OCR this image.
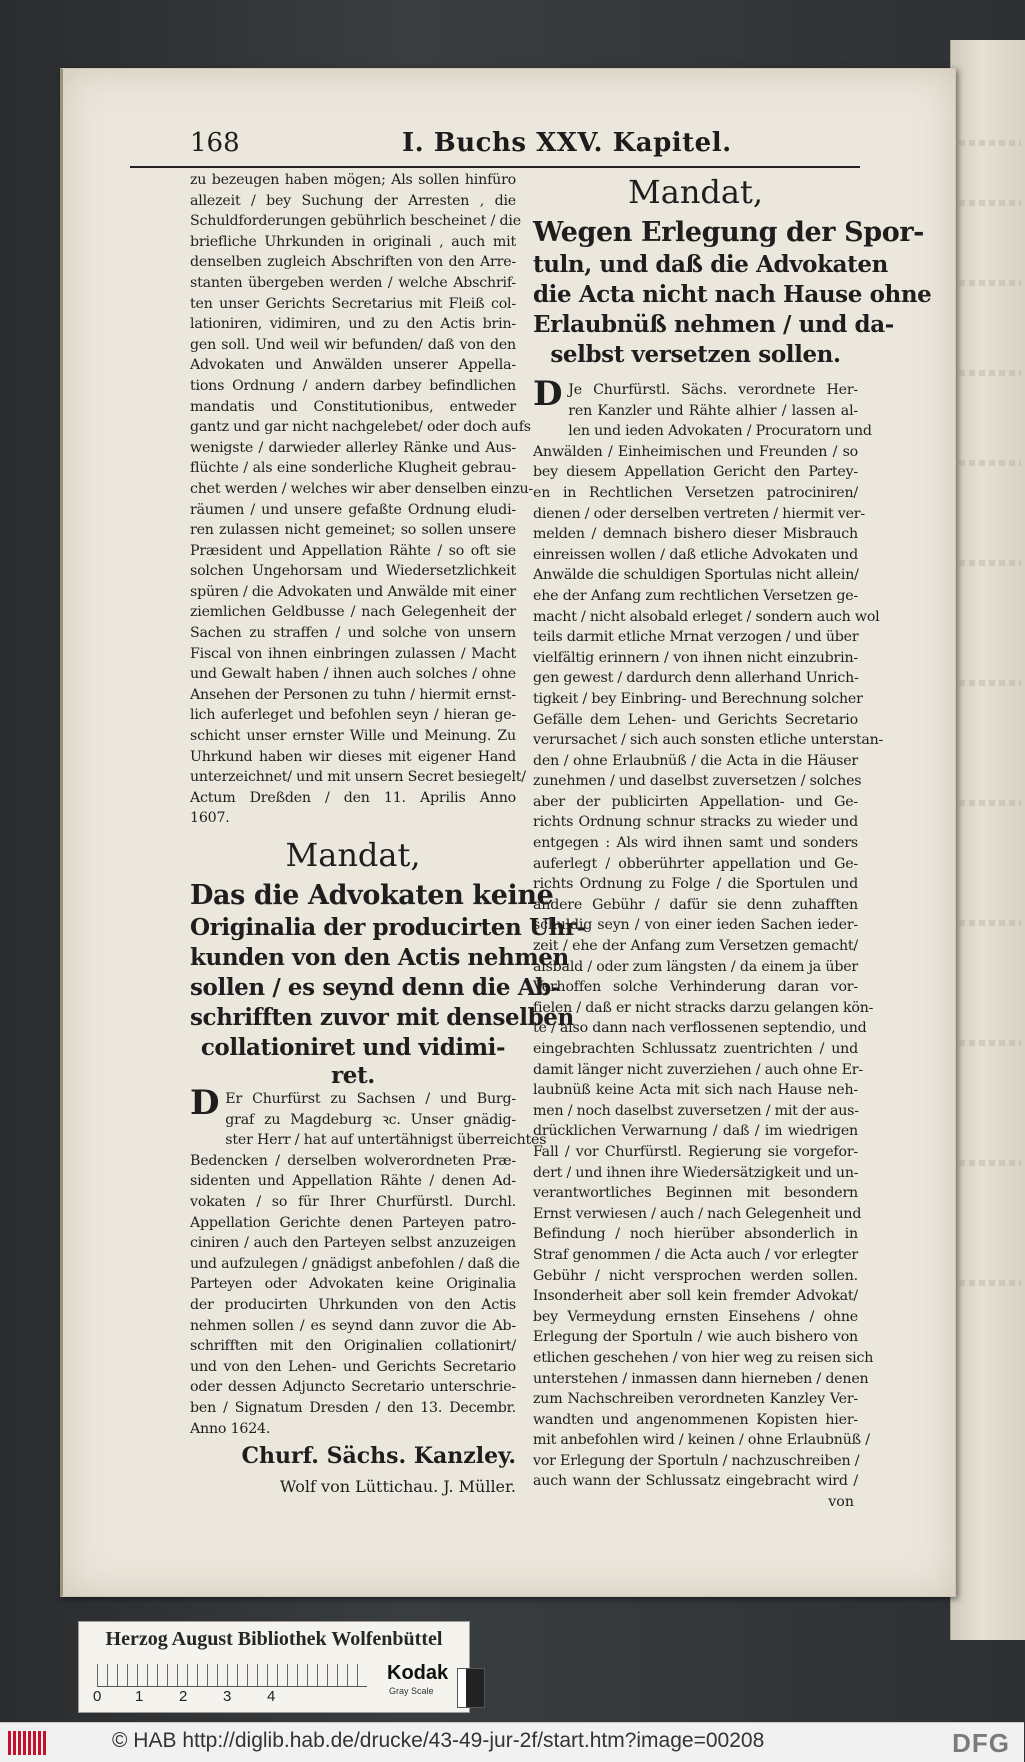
168	I. Buchs XXV. Kapitel.
zu bezeugen haben mögen; Als sollen hinfüro
allezeit / bey Suchung der Arresten , die
Schuldforderungen gebührlich bescheinet / die
briefliche Uhrkunden in originali , auch mit
denselben zugleich Abschriften von den Arre-
stanten übergeben werden / welche Abschrif-
ten unser Gerichts Secretarius mit Fleiß col-
lationiren, vidimiren, und zu den Actis brin-
gen soll. Und weil wir befunden/ daß von den
Advokaten und Anwälden unserer Appella-
tions Ordnung / andern darbey befindlichen
mandatis und Constitutionibus, entweder
gantz und gar nicht nachgelebet/ oder doch aufs
wenigste / darwieder allerley Ränke und Aus-
flüchte / als eine sonderliche Klugheit gebrau-
chet werden / welches wir aber denselben einzu-
räumen / und unsere gefaßte Ordnung eludi-
ren zulassen nicht gemeinet; so sollen unsere
Præsident und Appellation Rähte / so oft sie
solchen Ungehorsam und Wiedersetzlichkeit
spüren / die Advokaten und Anwälde mit einer
ziemlichen Geldbusse / nach Gelegenheit der
Sachen zu straffen / und solche von unsern
Fiscal von ihnen einbringen zulassen / Macht
und Gewalt haben / ihnen auch solches / ohne
Ansehen der Personen zu tuhn / hiermit ernst-
lich auferleget und befohlen seyn / hieran ge-
schicht unser ernster Wille und Meinung. Zu
Uhrkund haben wir dieses mit eigener Hand
unterzeichnet/ und mit unsern Secret besiegelt/
Actum Dreßden / den 11. Aprilis Anno
1607.
Mandat,
Das die Advokaten keine
Originalia der producirten Uhr-
kunden von den Actis nehmen
sollen / es seynd denn die Ab-
schrifften zuvor mit denselben
collationiret und vidimi-
ret.
D Er Churfürst zu Sachsen / und Burg-
graf zu Magdeburg ꝛc. Unser gnädig-
ster Herr / hat auf untertähnigst überreichtes
Bedencken / derselben wolverordneten Præ-
sidenten und Appellation Rähte / denen Ad-
vokaten / so für Ihrer Churfürstl. Durchl.
Appellation Gerichte denen Parteyen patro-
ciniren / auch den Parteyen selbst anzuzeigen
und aufzulegen / gnädigst anbefohlen / daß die
Parteyen oder Advokaten keine Originalia
der producirten Uhrkunden von den Actis
nehmen sollen / es seynd dann zuvor die Ab-
schrifften mit den Originalien collationirt/
und von den Lehen- und Gerichts Secretario
oder dessen Adjuncto Secretario unterschrie-
ben / Signatum Dresden / den 13. Decembr.
Anno 1624.
Churf. Sächs. Kanzley.
Wolf von Lüttichau. J. Müller.
Mandat,
Wegen Erlegung der Spor-
tuln, und daß die Advokaten
die Acta nicht nach Hause ohne
Erlaubnüß nehmen / und da-
selbst versetzen sollen.
D Je Churfürstl. Sächs. verordnete Her-
ren Kanzler und Rähte alhier / lassen al-
len und ieden Advokaten / Procuratorn und
Anwälden / Einheimischen und Freunden / so
bey diesem Appellation Gericht den Partey-
en in Rechtlichen Versetzen patrociniren/
dienen / oder derselben vertreten / hiermit ver-
melden / demnach bishero dieser Misbrauch
einreissen wollen / daß etliche Advokaten und
Anwälde die schuldigen Sportulas nicht allein/
ehe der Anfang zum rechtlichen Versetzen ge-
macht / nicht alsobald erleget / sondern auch wol
teils darmit etliche Mrnat verzogen / und über
vielfältig erinnern / von ihnen nicht einzubrin-
gen gewest / dardurch denn allerhand Unrich-
tigkeit / bey Einbring- und Berechnung solcher
Gefälle dem Lehen- und Gerichts Secretario
verursachet / sich auch sonsten etliche unterstan-
den / ohne Erlaubnüß / die Acta in die Häuser
zunehmen / und daselbst zuversetzen / solches
aber der publicirten Appellation- und Ge-
richts Ordnung schnur stracks zu wieder und
entgegen : Als wird ihnen samt und sonders
auferlegt / obberührter appellation und Ge-
richts Ordnung zu Folge / die Sportulen und
andere Gebühr / dafür sie denn zuhafften
schuldig seyn / von einer ieden Sachen ieder-
zeit / ehe der Anfang zum Versetzen gemacht/
alsbald / oder zum längsten / da einem ja über
Verhoffen solche Verhinderung daran vor-
fielen / daß er nicht stracks darzu gelangen kön-
te / also dann nach verflossenen septendio, und
eingebrachten Schlussatz zuentrichten / und
damit länger nicht zuverziehen / auch ohne Er-
laubnüß keine Acta mit sich nach Hause neh-
men / noch daselbst zuversetzen / mit der aus-
drücklichen Verwarnung / daß / im wiedrigen
Fall / vor Churfürstl. Regierung sie vorgefor-
dert / und ihnen ihre Wiedersätzigkeit und un-
verantwortliches Beginnen mit besondern
Ernst verwiesen / auch / nach Gelegenheit und
Befindung / noch hierüber absonderlich in
Straf genommen / die Acta auch / vor erlegter
Gebühr / nicht versprochen werden sollen.
Insonderheit aber soll kein fremder Advokat/
bey Vermeydung ernsten Einsehens / ohne
Erlegung der Sportuln / wie auch bishero von
etlichen geschehen / von hier weg zu reisen sich
unterstehen / inmassen dann hierneben / denen
zum Nachschreiben verordneten Kanzley Ver-
wandten und angenommenen Kopisten hier-
mit anbefohlen wird / keinen / ohne Erlaubnüß /
vor Erlegung der Sportuln / nachzuschreiben /
auch wann der Schlussatz eingebracht wird /
von
Herzog August Bibliothek Wolfenbüttel
0 1 2 3 4
Kodak
Gray Scale
© HAB http://diglib.hab.de/drucke/43-49-jur-2f/start.htm?image=00208	DFG
